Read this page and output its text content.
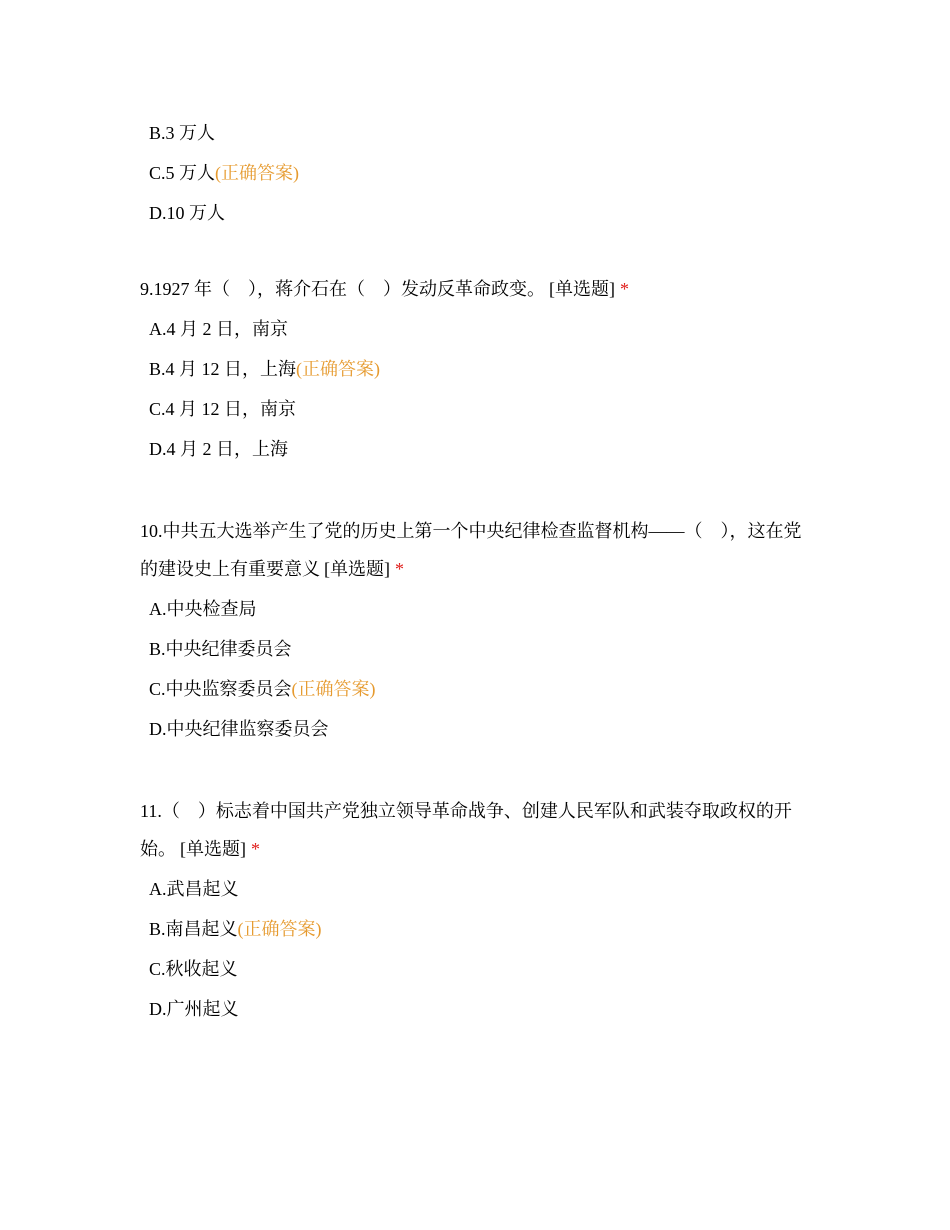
B.3 万人
C.5 万人(正确答案)
D.10 万人

9.1927 年（　），蒋介石在（　）发动反革命政变。 [单选题] *

A.4 月 2 日，南京
B.4 月 12 日，上海(正确答案)
C.4 月 12 日，南京
D.4 月 2 日，上海

10.中共五大选举产生了党的历史上第一个中央纪律检查监督机构——（　），这在党的建设史上有重要意义 [单选题] *

A.中央检查局
B.中央纪律委员会
C.中央监察委员会(正确答案)
D.中央纪律监察委员会

11.（　）标志着中国共产党独立领导革命战争、创建人民军队和武装夺取政权的开始。 [单选题] *

A.武昌起义
B.南昌起义(正确答案)
C.秋收起义
D.广州起义
